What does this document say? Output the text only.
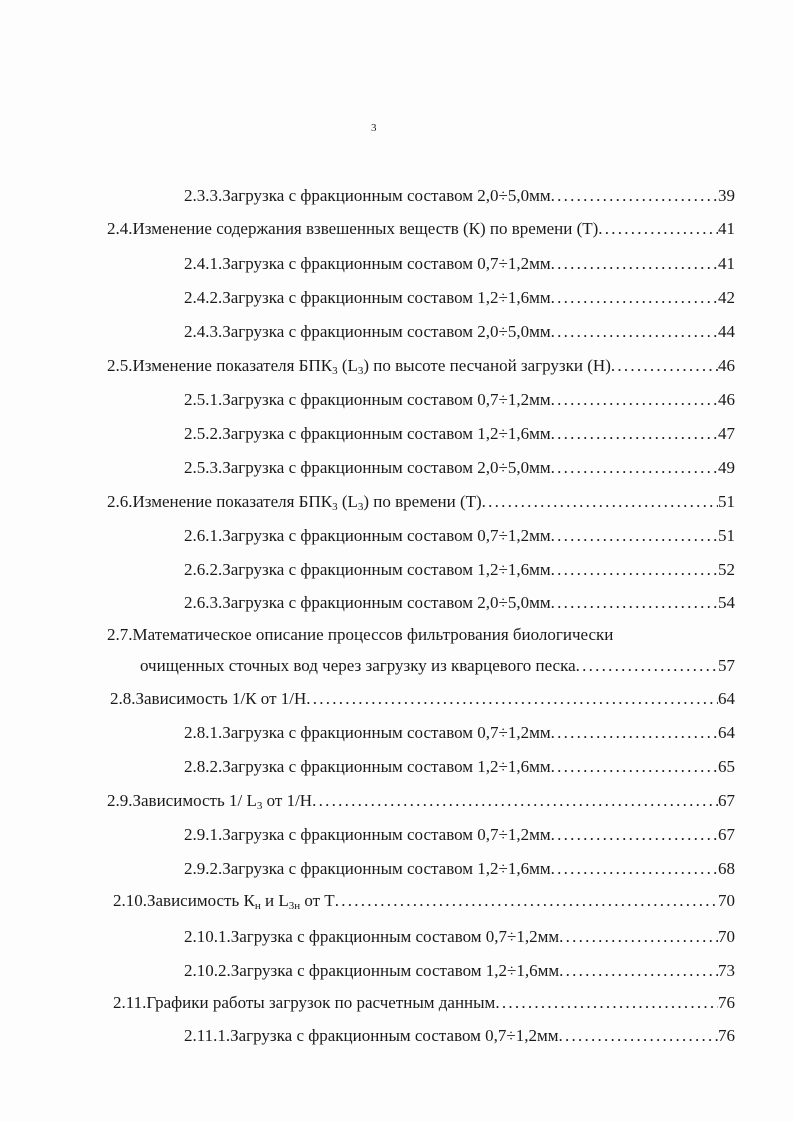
3
2.3.3.Загрузка с фракционным составом 2,0÷5,0мм . . .	39
2.4.Изменение содержания взвешенных веществ (К) по времени (Т) . . .	41
2.4.1.Загрузка с фракционным составом 0,7÷1,2мм . . .	41
2.4.2.Загрузка с фракционным составом 1,2÷1,6мм . . .	42
2.4.3.Загрузка с фракционным составом 2,0÷5,0мм . . .	44
2.5.Изменение показателя $БПК_3$ $(L_3)$ по высоте песчаной загрузки (Н) . . .	46
2.5.1.Загрузка с фракционным составом 0,7÷1,2мм . . .	46
2.5.2.Загрузка с фракционным составом 1,2÷1,6мм . . .	47
2.5.3.Загрузка с фракционным составом 2,0÷5,0мм . . .	49
2.6.Изменение показателя $БПК_3$ $(L_3)$ по времени (Т) . . .	51
2.6.1.Загрузка с фракционным составом 0,7÷1,2мм . . .	51
2.6.2.Загрузка с фракционным составом 1,2÷1,6мм . . .	52
2.6.3.Загрузка с фракционным составом 2,0÷5,0мм . . .	54
2.7.Математическое описание процессов фильтрования биологически
очищенных сточных вод через загрузку из кварцевого песка . . .	57
2.8.Зависимость 1/К от 1/Н . . .	64
2.8.1.Загрузка с фракционным составом 0,7÷1,2мм . . .	64
2.8.2.Загрузка с фракционным составом 1,2÷1,6мм . . .	65
2.9.Зависимость 1/ $L_3$ от 1/Н . . .	67
2.9.1.Загрузка с фракционным составом 0,7÷1,2мм . . .	67
2.9.2.Загрузка с фракционным составом 1,2÷1,6мм . . .	68
2.10.Зависимость $К_н$ и $L_{3н}$ от Т . . .	70
2.10.1.Загрузка с фракционным составом 0,7÷1,2мм . . .	70
2.10.2.Загрузка с фракционным составом 1,2÷1,6мм . . .	73
2.11.Графики работы загрузок по расчетным данным . . .	76
2.11.1.Загрузка с фракционным составом 0,7÷1,2мм . . .	76
